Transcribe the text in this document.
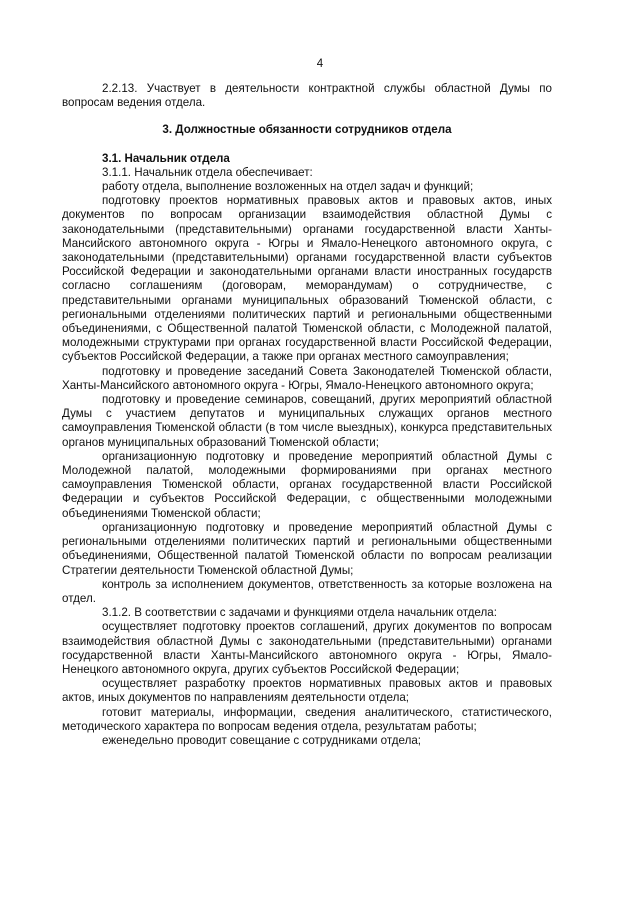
4

2.2.13. Участвует в деятельности контрактной службы областной Думы по вопросам ведения отдела.

3. Должностные обязанности сотрудников отдела

3.1. Начальник отдела

3.1.1. Начальник отдела обеспечивает:

работу отдела, выполнение возложенных на отдел задач и функций;

подготовку проектов нормативных правовых актов и правовых актов, иных документов по вопросам организации взаимодействия областной Думы с законодательными (представительными) органами государственной власти Ханты-Мансийского автономного округа - Югры и Ямало-Ненецкого автономного округа, с законодательными (представительными) органами государственной власти субъектов Российской Федерации и законодательными органами власти иностранных государств согласно соглашениям (договорам, меморандумам) о сотрудничестве, с представительными органами муниципальных образований Тюменской области, с региональными отделениями политических партий и региональными общественными объединениями, с Общественной палатой Тюменской области, с Молодежной палатой, молодежными структурами при органах государственной власти Российской Федерации, субъектов Российской Федерации, а также при органах местного самоуправления;

подготовку и проведение заседаний Совета Законодателей Тюменской области, Ханты-Мансийского автономного округа - Югры, Ямало-Ненецкого автономного округа;

подготовку и проведение семинаров, совещаний, других мероприятий областной Думы с участием депутатов и муниципальных служащих органов местного самоуправления Тюменской области (в том числе выездных), конкурса представительных органов муниципальных образований Тюменской области;

организационную подготовку и проведение мероприятий областной Думы с Молодежной палатой, молодежными формированиями при органах местного самоуправления Тюменской области, органах государственной власти Российской Федерации и субъектов Российской Федерации, с общественными молодежными объединениями Тюменской области;

организационную подготовку и проведение мероприятий областной Думы с региональными отделениями политических партий и региональными общественными объединениями, Общественной палатой Тюменской области по вопросам реализации Стратегии деятельности Тюменской областной Думы;

контроль за исполнением документов, ответственность за которые возложена на отдел.

3.1.2. В соответствии с задачами и функциями отдела начальник отдела:

осуществляет подготовку проектов соглашений, других документов по вопросам взаимодействия областной Думы с законодательными (представительными) органами государственной власти Ханты-Мансийского автономного округа - Югры, Ямало-Ненецкого автономного округа, других субъектов Российской Федерации;

осуществляет разработку проектов нормативных правовых актов и правовых актов, иных документов по направлениям деятельности отдела;

готовит материалы, информации, сведения аналитического, статистического, методического характера по вопросам ведения отдела, результатам работы;

еженедельно проводит совещание с сотрудниками отдела;
